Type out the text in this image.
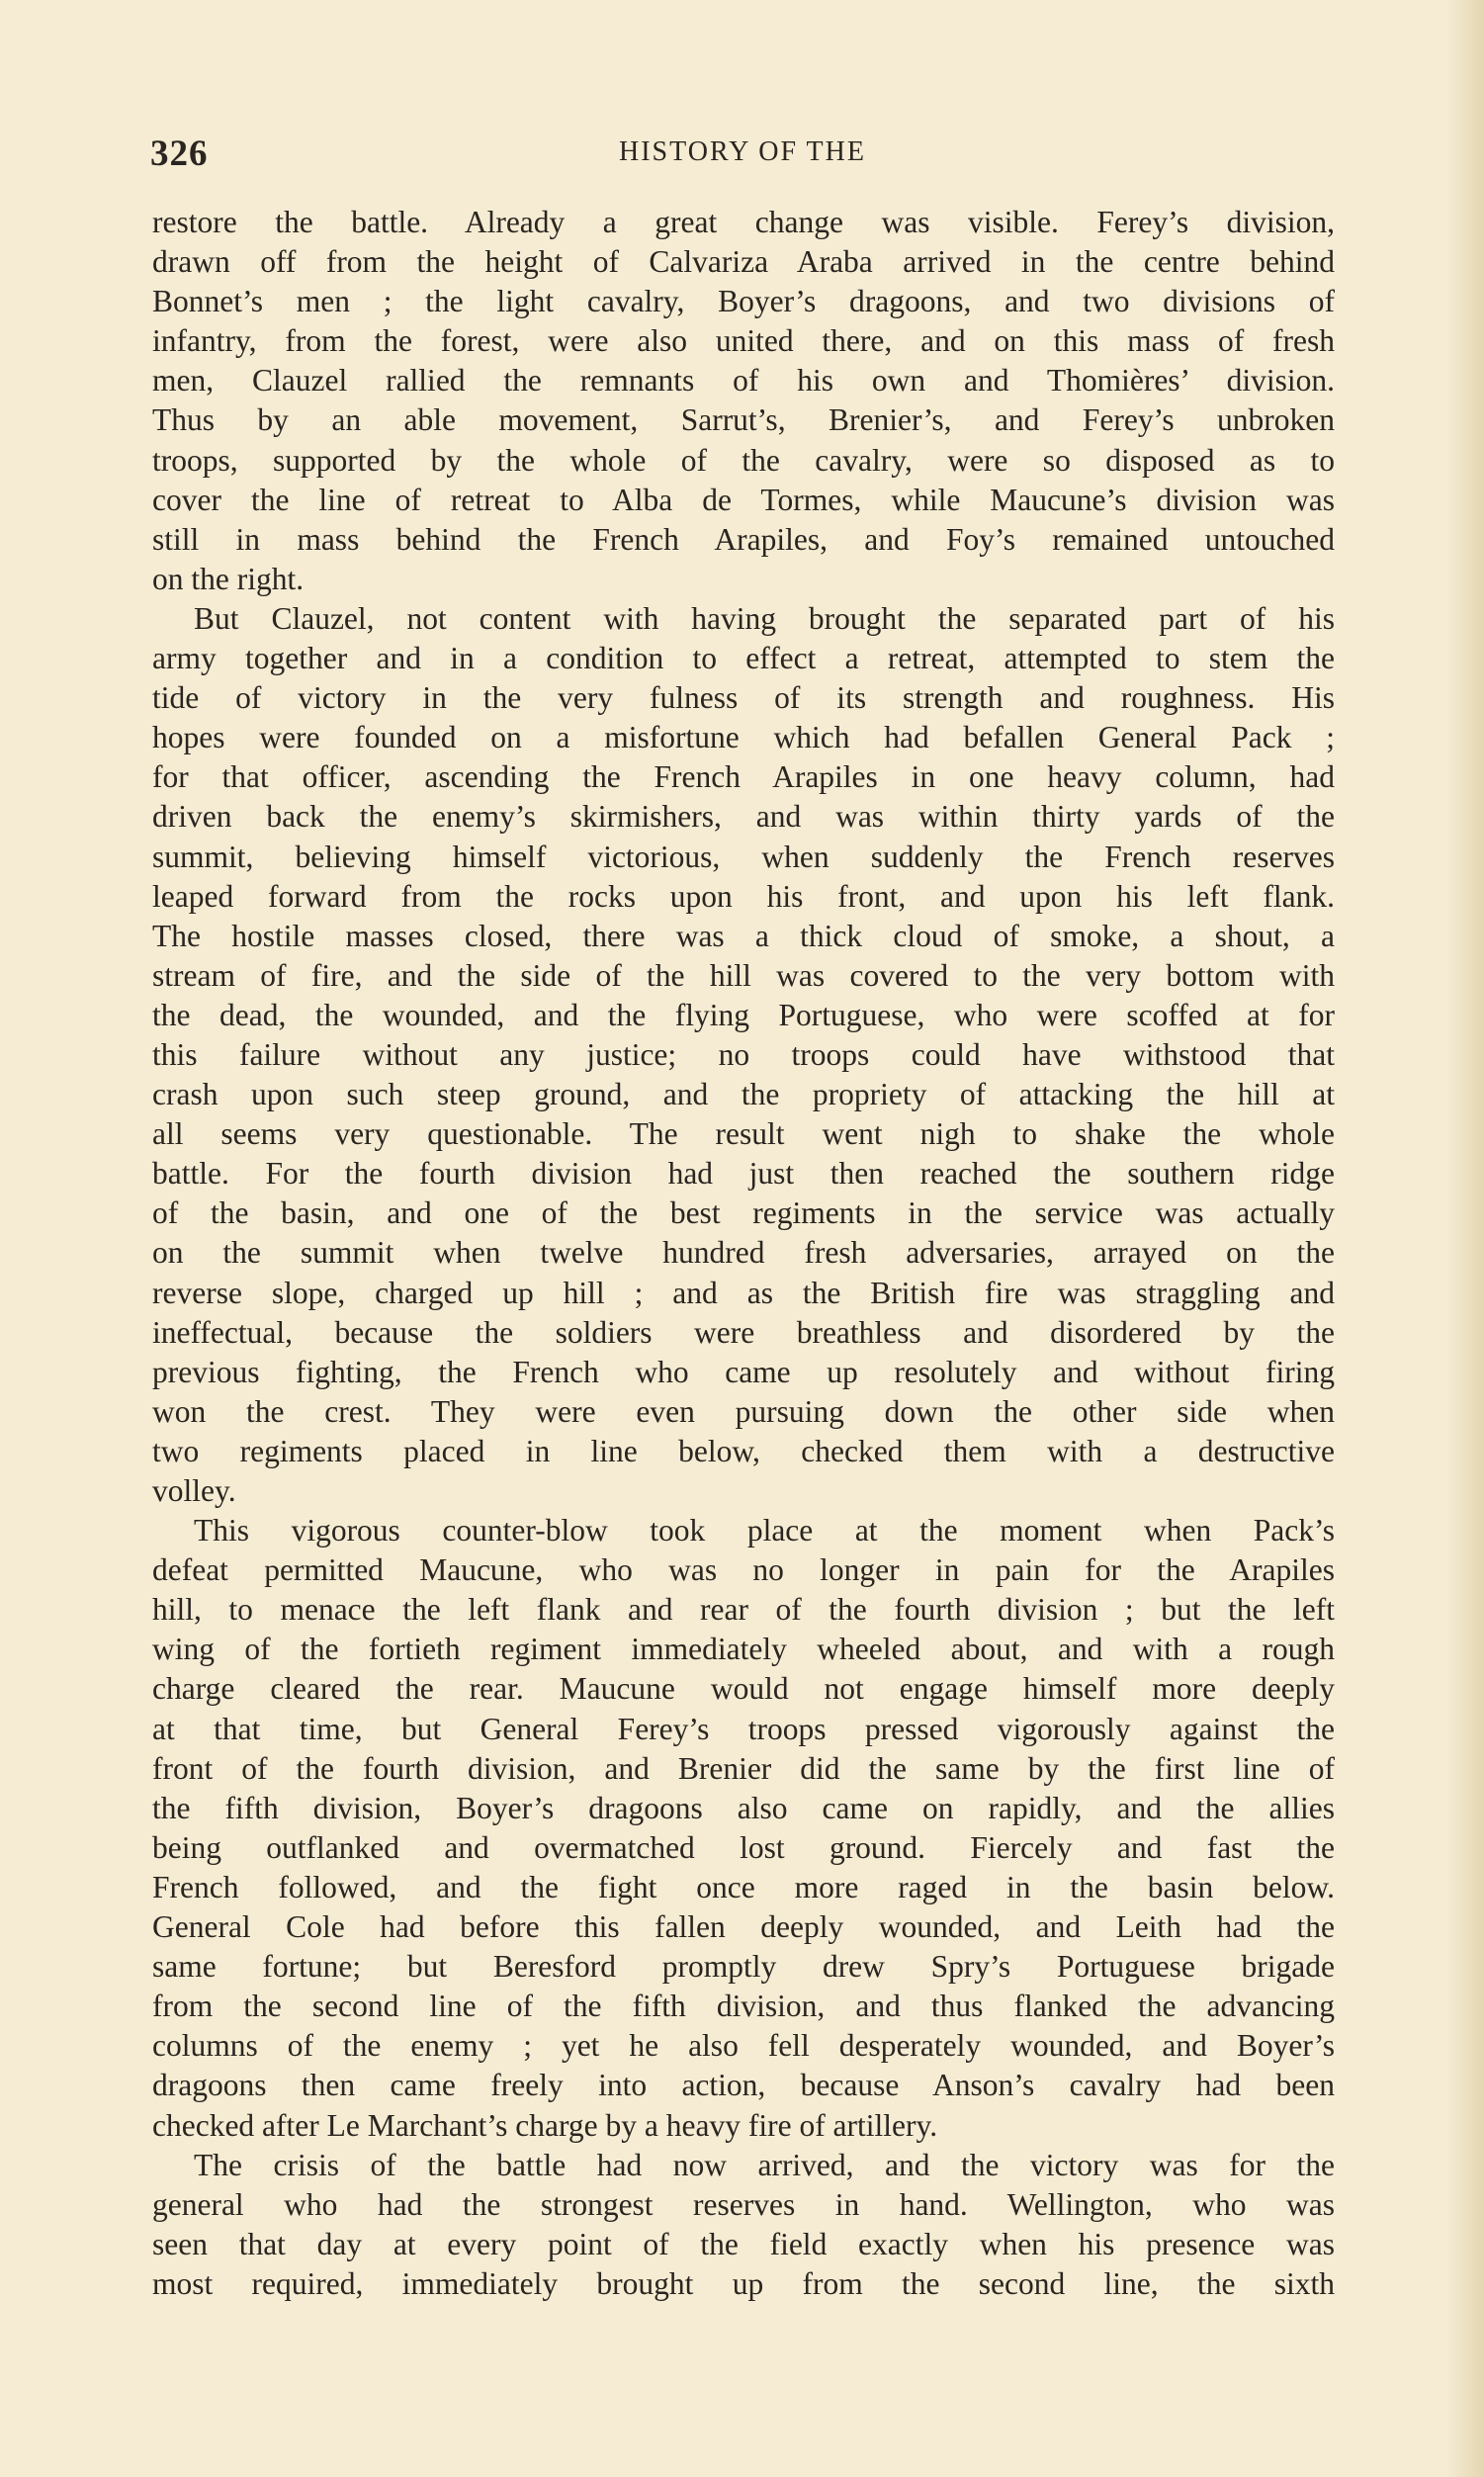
326	HISTORY OF THE
restore the battle. Already a great change was visible. Ferey’s division,
drawn off from the height of Calvariza Araba arrived in the centre behind
Bonnet’s men ; the light cavalry, Boyer’s dragoons, and two divisions of
infantry, from the forest, were also united there, and on this mass of fresh
men, Clauzel rallied the remnants of his own and Thomières’ division.
Thus by an able movement, Sarrut’s, Brenier’s, and Ferey’s unbroken
troops, supported by the whole of the cavalry, were so disposed as to
cover the line of retreat to Alba de Tormes, while Maucune’s division was
still in mass behind the French Arapiles, and Foy’s remained untouched
on the right.
But Clauzel, not content with having brought the separated part of his
army together and in a condition to effect a retreat, attempted to stem the
tide of victory in the very fulness of its strength and roughness. His
hopes were founded on a misfortune which had befallen General Pack ;
for that officer, ascending the French Arapiles in one heavy column, had
driven back the enemy’s skirmishers, and was within thirty yards of the
summit, believing himself victorious, when suddenly the French reserves
leaped forward from the rocks upon his front, and upon his left flank.
The hostile masses closed, there was a thick cloud of smoke, a shout, a
stream of fire, and the side of the hill was covered to the very bottom with
the dead, the wounded, and the flying Portuguese, who were scoffed at for
this failure without any justice; no troops could have withstood that
crash upon such steep ground, and the propriety of attacking the hill at
all seems very questionable. The result went nigh to shake the whole
battle. For the fourth division had just then reached the southern ridge
of the basin, and one of the best regiments in the service was actually
on the summit when twelve hundred fresh adversaries, arrayed on the
reverse slope, charged up hill ; and as the British fire was straggling and
ineffectual, because the soldiers were breathless and disordered by the
previous fighting, the French who came up resolutely and without firing
won the crest. They were even pursuing down the other side when
two regiments placed in line below, checked them with a destructive
volley.
This vigorous counter-blow took place at the moment when Pack’s
defeat permitted Maucune, who was no longer in pain for the Arapiles
hill, to menace the left flank and rear of the fourth division ; but the left
wing of the fortieth regiment immediately wheeled about, and with a rough
charge cleared the rear. Maucune would not engage himself more deeply
at that time, but General Ferey’s troops pressed vigorously against the
front of the fourth division, and Brenier did the same by the first line of
the fifth division, Boyer’s dragoons also came on rapidly, and the allies
being outflanked and overmatched lost ground. Fiercely and fast the
French followed, and the fight once more raged in the basin below.
General Cole had before this fallen deeply wounded, and Leith had the
same fortune; but Beresford promptly drew Spry’s Portuguese brigade
from the second line of the fifth division, and thus flanked the advancing
columns of the enemy ; yet he also fell desperately wounded, and Boyer’s
dragoons then came freely into action, because Anson’s cavalry had been
checked after Le Marchant’s charge by a heavy fire of artillery.
The crisis of the battle had now arrived, and the victory was for the
general who had the strongest reserves in hand. Wellington, who was
seen that day at every point of the field exactly when his presence was
most required, immediately brought up from the second line, the sixth
